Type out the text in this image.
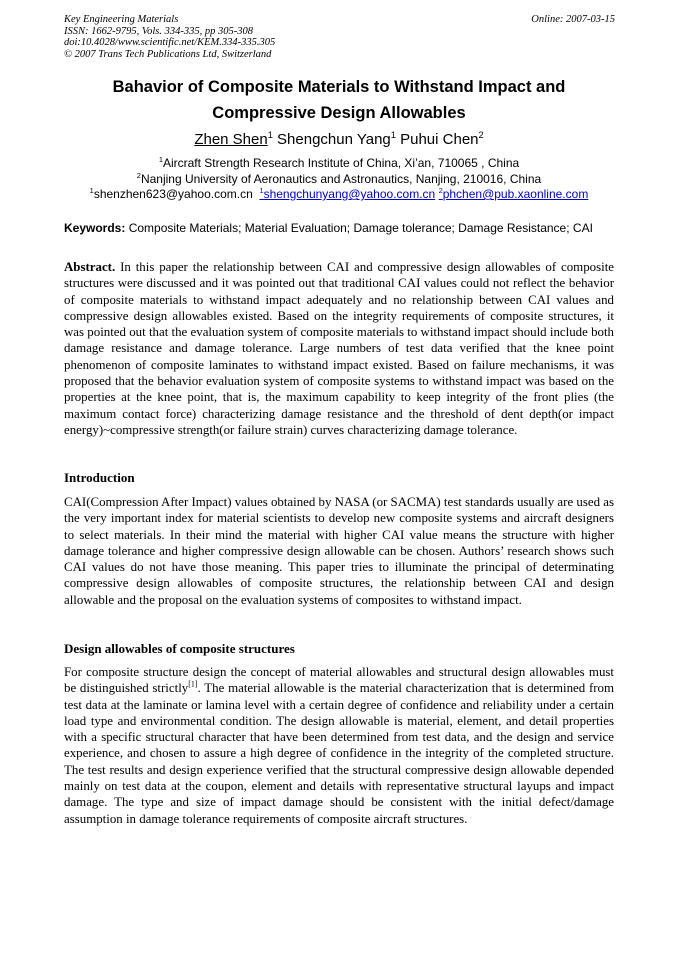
Key Engineering Materials
ISSN: 1662-9795, Vols. 334-335, pp 305-308
doi:10.4028/www.scientific.net/KEM.334-335.305
© 2007 Trans Tech Publications Ltd, Switzerland
Online: 2007-03-15
Bahavior of Composite Materials to Withstand Impact and
Compressive Design Allowables
Zhen Shen$^1$ Shengchun Yang$^1$ Puhui Chen$^2$
$^1$Aircraft Strength Research Institute of China, Xi’an, 710065 , China
$^2$Nanjing University of Aeronautics and Astronautics, Nanjing, 210016, China
$^1$shenzhen623@yahoo.com.cn $^1$shengchunyang@yahoo.com.cn $^2$phchen@pub.xaonline.com
Keywords: Composite Materials; Material Evaluation; Damage tolerance; Damage Resistance; CAI
Abstract. In this paper the relationship between CAI and compressive design allowables of composite structures were discussed and it was pointed out that traditional CAI values could not reflect the behavior of composite materials to withstand impact adequately and no relationship between CAI values and compressive design allowables existed. Based on the integrity requirements of composite structures, it was pointed out that the evaluation system of composite materials to withstand impact should include both damage resistance and damage tolerance. Large numbers of test data verified that the knee point phenomenon of composite laminates to withstand impact existed. Based on failure mechanisms, it was proposed that the behavior evaluation system of composite systems to withstand impact was based on the properties at the knee point, that is, the maximum capability to keep integrity of the front plies (the maximum contact force) characterizing damage resistance and the threshold of dent depth(or impact energy)~compressive strength(or failure strain) curves characterizing damage tolerance.
Introduction
CAI(Compression After Impact) values obtained by NASA (or SACMA) test standards usually are used as the very important index for material scientists to develop new composite systems and aircraft designers to select materials. In their mind the material with higher CAI value means the structure with higher damage tolerance and higher compressive design allowable can be chosen. Authors’ research shows such CAI values do not have those meaning. This paper tries to illuminate the principal of determinating compressive design allowables of composite structures, the relationship between CAI and design allowable and the proposal on the evaluation systems of composites to withstand impact.
Design allowables of composite structures
For composite structure design the concept of material allowables and structural design allowables must be distinguished strictly[1]. The material allowable is the material characterization that is determined from test data at the laminate or lamina level with a certain degree of confidence and reliability under a certain load type and environmental condition. The design allowable is material, element, and detail properties with a specific structural character that have been determined from test data, and the design and service experience, and chosen to assure a high degree of confidence in the integrity of the completed structure. The test results and design experience verified that the structural compressive design allowable depended mainly on test data at the coupon, element and details with representative structural layups and impact damage. The type and size of impact damage should be consistent with the initial defect/damage assumption in damage tolerance requirements of composite aircraft structures.
